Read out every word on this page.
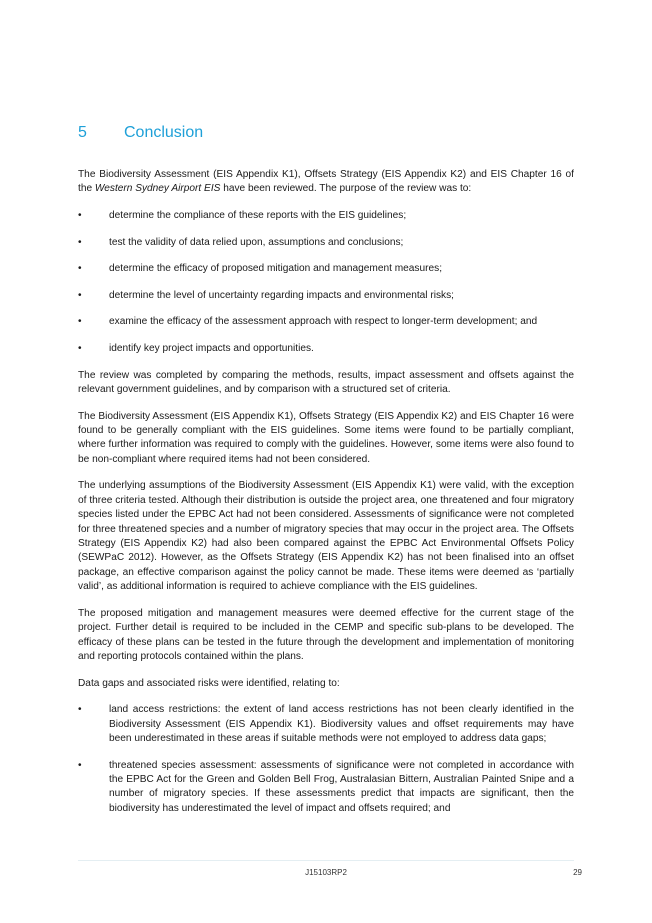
5 Conclusion

The Biodiversity Assessment (EIS Appendix K1), Offsets Strategy (EIS Appendix K2) and EIS Chapter 16 of the Western Sydney Airport EIS have been reviewed. The purpose of the review was to:

•	determine the compliance of these reports with the EIS guidelines;
•	test the validity of data relied upon, assumptions and conclusions;
•	determine the efficacy of proposed mitigation and management measures;
•	determine the level of uncertainty regarding impacts and environmental risks;
•	examine the efficacy of the assessment approach with respect to longer-term development; and
•	identify key project impacts and opportunities.

The review was completed by comparing the methods, results, impact assessment and offsets against the relevant government guidelines, and by comparison with a structured set of criteria.

The Biodiversity Assessment (EIS Appendix K1), Offsets Strategy (EIS Appendix K2) and EIS Chapter 16 were found to be generally compliant with the EIS guidelines. Some items were found to be partially compliant, where further information was required to comply with the guidelines. However, some items were also found to be non-compliant where required items had not been considered.

The underlying assumptions of the Biodiversity Assessment (EIS Appendix K1) were valid, with the exception of three criteria tested. Although their distribution is outside the project area, one threatened and four migratory species listed under the EPBC Act had not been considered. Assessments of significance were not completed for three threatened species and a number of migratory species that may occur in the project area. The Offsets Strategy (EIS Appendix K2) had also been compared against the EPBC Act Environmental Offsets Policy (SEWPaC 2012). However, as the Offsets Strategy (EIS Appendix K2) has not been finalised into an offset package, an effective comparison against the policy cannot be made. These items were deemed as ‘partially valid’, as additional information is required to achieve compliance with the EIS guidelines.

The proposed mitigation and management measures were deemed effective for the current stage of the project. Further detail is required to be included in the CEMP and specific sub-plans to be developed. The efficacy of these plans can be tested in the future through the development and implementation of monitoring and reporting protocols contained within the plans.

Data gaps and associated risks were identified, relating to:

•	land access restrictions: the extent of land access restrictions has not been clearly identified in the Biodiversity Assessment (EIS Appendix K1). Biodiversity values and offset requirements may have been underestimated in these areas if suitable methods were not employed to address data gaps;
•	threatened species assessment: assessments of significance were not completed in accordance with the EPBC Act for the Green and Golden Bell Frog, Australasian Bittern, Australian Painted Snipe and a number of migratory species. If these assessments predict that impacts are significant, then the biodiversity has underestimated the level of impact and offsets required; and
J15103RP2	29
